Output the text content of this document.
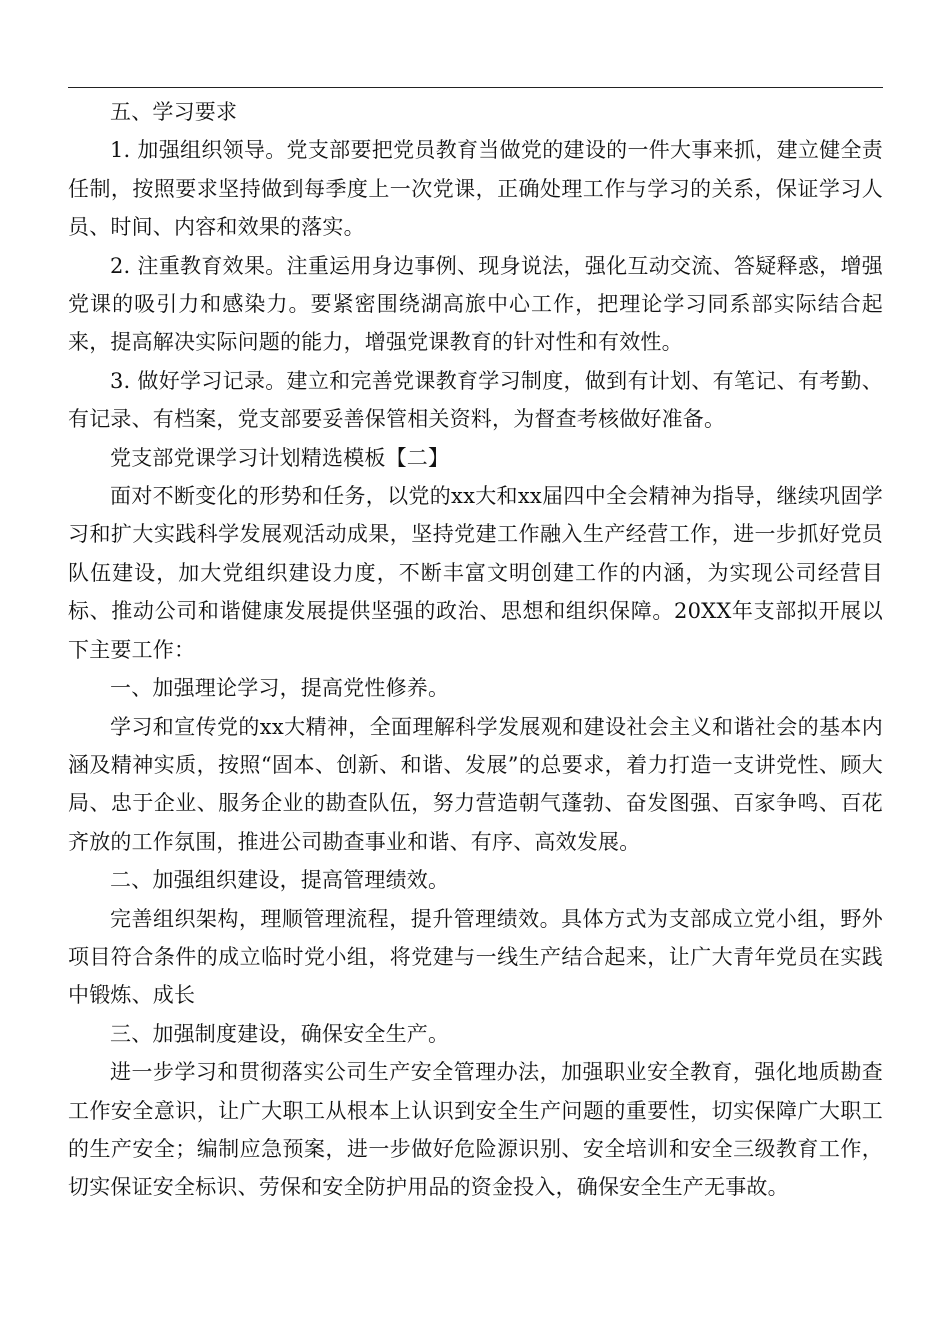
五、学习要求

1. 加强组织领导。党支部要把党员教育当做党的建设的一件大事来抓，建立健全责任制，按照要求坚持做到每季度上一次党课，正确处理工作与学习的关系，保证学习人员、时间、内容和效果的落实。

2. 注重教育效果。注重运用身边事例、现身说法，强化互动交流、答疑释惑，增强党课的吸引力和感染力。要紧密围绕湖高旅中心工作，把理论学习同系部实际结合起来，提高解决实际问题的能力，增强党课教育的针对性和有效性。

3. 做好学习记录。建立和完善党课教育学习制度，做到有计划、有笔记、有考勤、有记录、有档案，党支部要妥善保管相关资料，为督查考核做好准备。

党支部党课学习计划精选模板【二】

面对不断变化的形势和任务，以党的xx大和xx届四中全会精神为指导，继续巩固学习和扩大实践科学发展观活动成果，坚持党建工作融入生产经营工作，进一步抓好党员队伍建设，加大党组织建设力度，不断丰富文明创建工作的内涵，为实现公司经营目标、推动公司和谐健康发展提供坚强的政治、思想和组织保障。20XX年支部拟开展以下主要工作：

一、加强理论学习，提高党性修养。

学习和宣传党的xx大精神，全面理解科学发展观和建设社会主义和谐社会的基本内涵及精神实质，按照“固本、创新、和谐、发展”的总要求，着力打造一支讲党性、顾大局、忠于企业、服务企业的勘查队伍，努力营造朝气蓬勃、奋发图强、百家争鸣、百花齐放的工作氛围，推进公司勘查事业和谐、有序、高效发展。

二、加强组织建设，提高管理绩效。

完善组织架构，理顺管理流程，提升管理绩效。具体方式为支部成立党小组，野外项目符合条件的成立临时党小组，将党建与一线生产结合起来，让广大青年党员在实践中锻炼、成长

三、加强制度建设，确保安全生产。

进一步学习和贯彻落实公司生产安全管理办法，加强职业安全教育，强化地质勘查工作安全意识，让广大职工从根本上认识到安全生产问题的重要性，切实保障广大职工的生产安全；编制应急预案，进一步做好危险源识别、安全培训和安全三级教育工作，切实保证安全标识、劳保和安全防护用品的资金投入，确保安全生产无事故。
